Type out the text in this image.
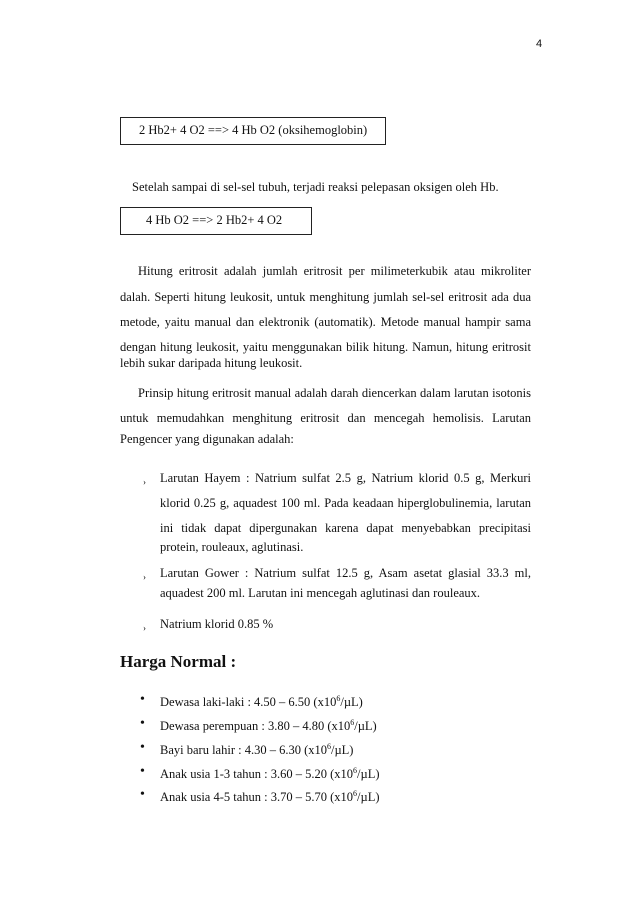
4
2 Hb2+ 4 O2 ==> 4 Hb O2 (oksihemoglobin)
Setelah sampai di sel-sel tubuh, terjadi reaksi pelepasan oksigen oleh Hb.
4 Hb O2 ==> 2 Hb2+ 4 O2
Hitung eritrosit adalah jumlah eritrosit per milimeterkubik atau mikroliter
dalah. Seperti hitung leukosit, untuk menghitung jumlah sel-sel eritrosit ada dua
metode, yaitu manual dan elektronik (automatik). Metode manual hampir sama
dengan hitung leukosit, yaitu menggunakan bilik hitung. Namun, hitung eritrosit
lebih sukar daripada hitung leukosit.
Prinsip hitung eritrosit manual adalah darah diencerkan dalam larutan isotonis
untuk memudahkan menghitung eritrosit dan mencegah hemolisis. Larutan
Pengencer yang digunakan adalah:
› Larutan Hayem : Natrium sulfat 2.5 g, Natrium klorid 0.5 g, Merkuri
klorid 0.25 g, aquadest 100 ml. Pada keadaan hiperglobulinemia, larutan
ini tidak dapat dipergunakan karena dapat menyebabkan precipitasi
protein, rouleaux, aglutinasi.
› Larutan Gower : Natrium sulfat 12.5 g, Asam asetat glasial 33.3 ml,
aquadest 200 ml. Larutan ini mencegah aglutinasi dan rouleaux.
› Natrium klorid 0.85 %
Harga Normal :
• Dewasa laki-laki : 4.50 – 6.50 $(x10^6/\mu L)$
• Dewasa perempuan : 3.80 – 4.80 $(x10^6/\mu L)$
• Bayi baru lahir : 4.30 – 6.30 $(x10^6/\mu L)$
• Anak usia 1-3 tahun : 3.60 – 5.20 $(x10^6/\mu L)$
• Anak usia 4-5 tahun : 3.70 – 5.70 $(x10^6/\mu L)$
